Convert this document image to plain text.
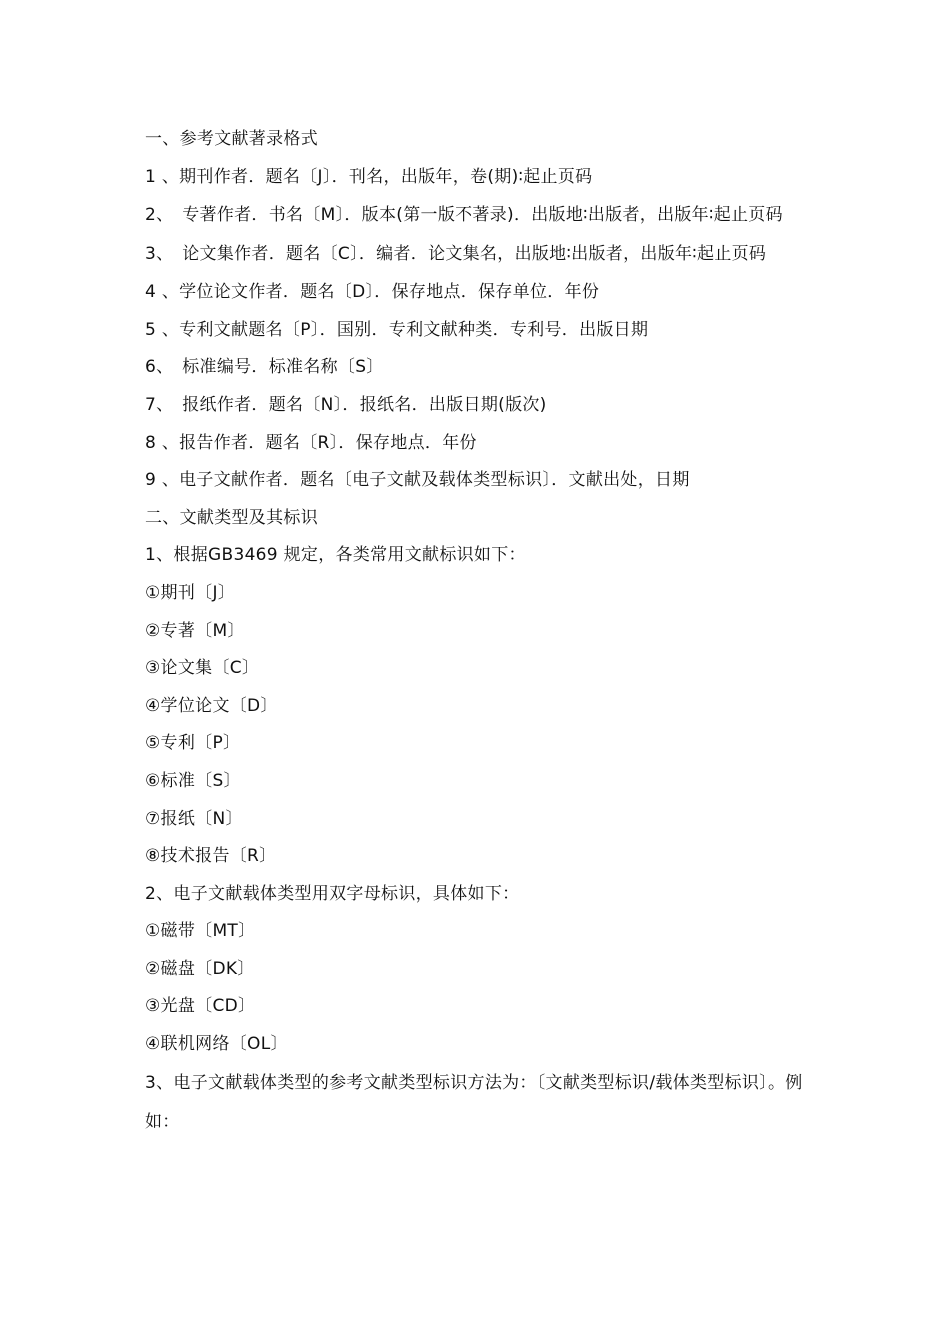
一、参考文献著录格式
1 、期刊作者．题名〔J〕．刊名，出版年，卷(期)∶起止页码
2、　专著作者．书名〔M〕．版本(第一版不著录)．出版地∶出版者，出版年∶起止页码
3、　论文集作者．题名〔C〕．编者．论文集名，出版地∶出版者，出版年∶起止页码
4 、学位论文作者．题名〔D〕．保存地点．保存单位．年份
5 、专利文献题名〔P〕．国别．专利文献种类．专利号．出版日期
6、　标准编号．标准名称〔S〕
7、　报纸作者．题名〔N〕．报纸名．出版日期(版次)
8 、报告作者．题名〔R〕．保存地点．年份
9 、电子文献作者．题名〔电子文献及载体类型标识〕．文献出处，日期
二、文献类型及其标识
1、根据GB3469 规定，各类常用文献标识如下：
①期刊〔J〕
②专著〔M〕
③论文集〔C〕
④学位论文〔D〕
⑤专利〔P〕
⑥标准〔S〕
⑦报纸〔N〕
⑧技术报告〔R〕
2、电子文献载体类型用双字母标识，具体如下：
①磁带〔MT〕
②磁盘〔DK〕
③光盘〔CD〕
④联机网络〔OL〕
3、电子文献载体类型的参考文献类型标识方法为：〔文献类型标识/载体类型标识〕。例如：
